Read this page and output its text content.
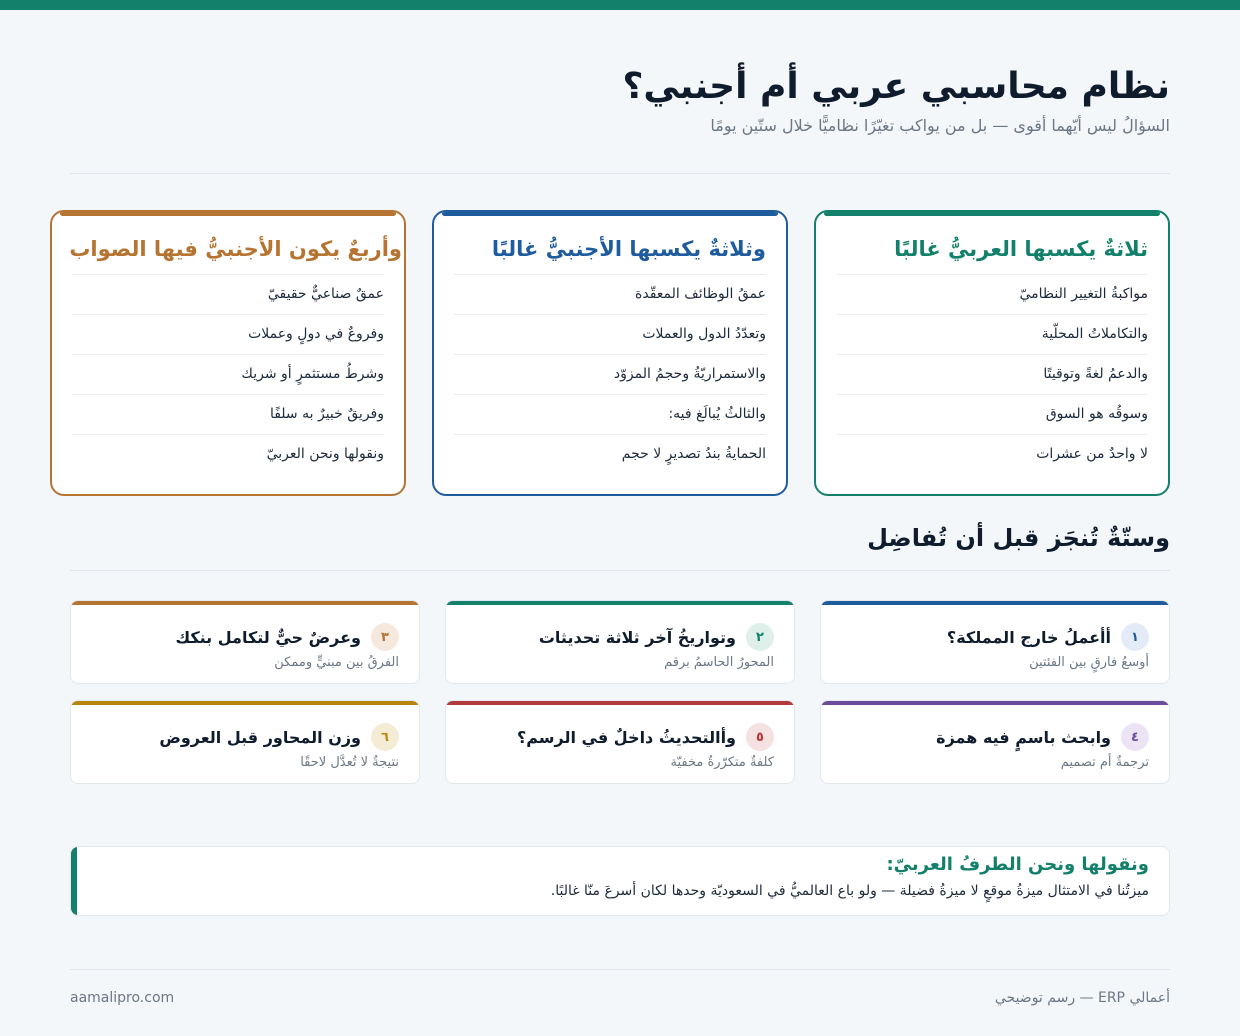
نظام محاسبي عربي أم أجنبي؟
السؤالُ ليس أيّهما أقوى — بل من يواكب تغيّرًا نظاميًّا خلال ستّين يومًا
ثلاثةٌ يكسبها العربيُّ غالبًا
مواكبةُ التغيير النظاميّ
والتكاملاتُ المحلّية
والدعمُ لغةً وتوقيتًا
وسوقُه هو السوق
لا واحدٌ من عشرات
وثلاثةٌ يكسبها الأجنبيُّ غالبًا
عمقُ الوظائف المعقّدة
وتعدّدُ الدول والعملات
والاستمراريّةُ وحجمُ المزوّد
والثالثُ يُبالَغ فيه:
الحمايةُ بندُ تصديرٍ لا حجم
وأربعٌ يكون الأجنبيُّ فيها الصواب
عمقٌ صناعيٌّ حقيقيّ
وفروعٌ في دولٍ وعملات
وشرطُ مستثمرٍ أو شريك
وفريقٌ خبيرٌ به سلفًا
ونقولها ونحن العربيّ
وستّةٌ تُنجَز قبل أن تُفاضِل
١
أأعملُ خارج المملكة؟
أوسعُ فارقٍ بين الفئتين
٢
وتواريخُ آخر ثلاثة تحديثات
المحورُ الحاسمُ برقم
٣
وعرضٌ حيٌّ لتكامل بنكك
الفرقُ بين مبنيٍّ وممكن
٤
وابحث باسمٍ فيه همزة
ترجمةٌ أم تصميم
٥
وأالتحديثُ داخلٌ في الرسم؟
كلفةٌ متكرّرةٌ مخفيّة
٦
وزن المحاور قبل العروض
نتيجةٌ لا تُعدَّل لاحقًا
ونقولها ونحن الطرفُ العربيّ:
ميزتُنا في الامتثال ميزةُ موقعٍ لا ميزةُ فضيلة — ولو باع العالميُّ في السعوديّة وحدها لكان أسرعَ منّا غالبًا.
أعمالي ERP — رسم توضيحي
aamalipro.com
